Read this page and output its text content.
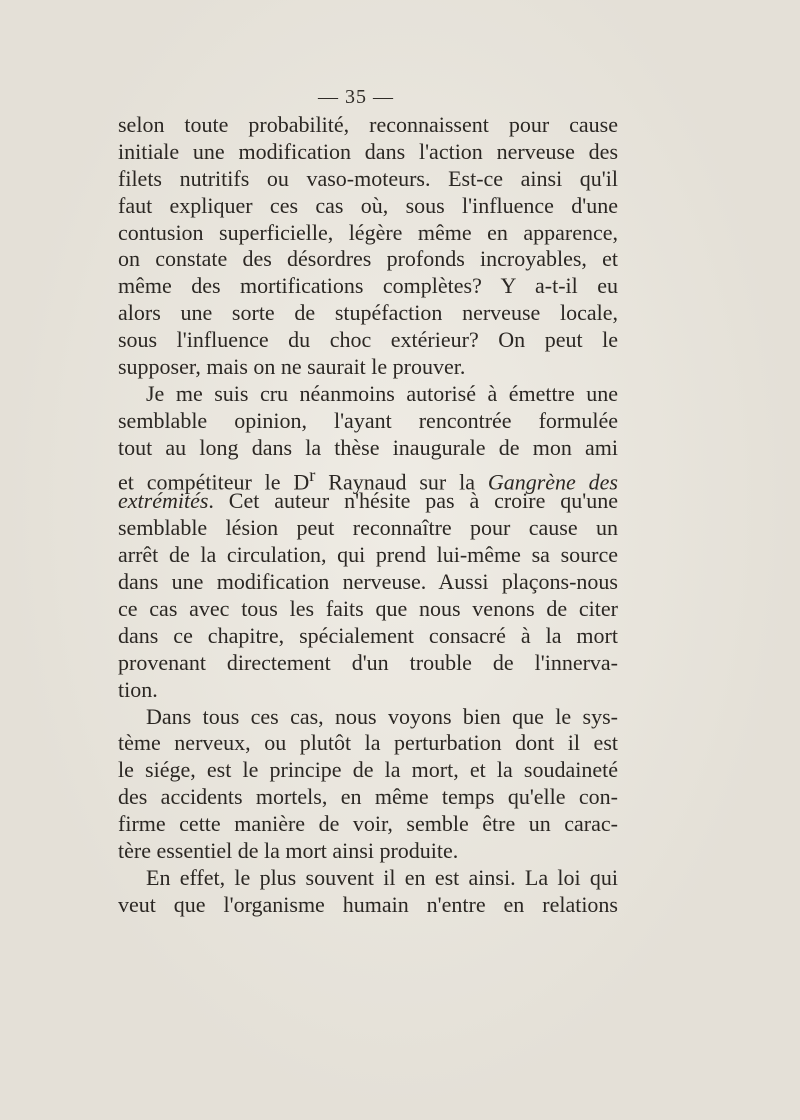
— 35 —
selon toute probabilité, reconnaissent pour cause
initiale une modification dans l'action nerveuse des
filets nutritifs ou vaso-moteurs. Est-ce ainsi qu'il
faut expliquer ces cas où, sous l'influence d'une
contusion superficielle, légère même en apparence,
on constate des désordres profonds incroyables, et
même des mortifications complètes? Y a-t-il eu
alors une sorte de stupéfaction nerveuse locale,
sous l'influence du choc extérieur? On peut le
supposer, mais on ne saurait le prouver.
Je me suis cru néanmoins autorisé à émettre une
semblable opinion, l'ayant rencontrée formulée
tout au long dans la thèse inaugurale de mon ami
et compétiteur le $D^r$ Raynaud sur la Gangrène des
extrémités. Cet auteur n'hésite pas à croire qu'une
semblable lésion peut reconnaître pour cause un
arrêt de la circulation, qui prend lui-même sa source
dans une modification nerveuse. Aussi plaçons-nous
ce cas avec tous les faits que nous venons de citer
dans ce chapitre, spécialement consacré à la mort
provenant directement d'un trouble de l'innerva-
tion.
Dans tous ces cas, nous voyons bien que le sys-
tème nerveux, ou plutôt la perturbation dont il est
le siége, est le principe de la mort, et la soudaineté
des accidents mortels, en même temps qu'elle con-
firme cette manière de voir, semble être un carac-
tère essentiel de la mort ainsi produite.
En effet, le plus souvent il en est ainsi. La loi qui
veut que l'organisme humain n'entre en relations
